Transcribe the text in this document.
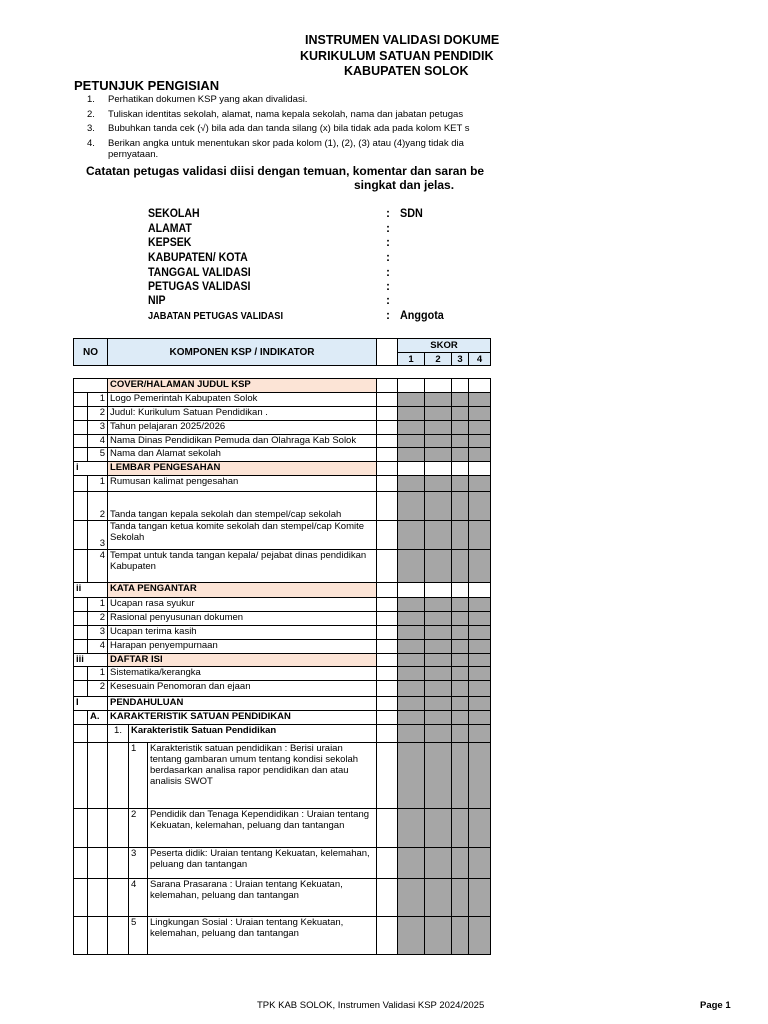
INSTRUMEN VALIDASI DOKUME
KURIKULUM SATUAN PENDIDIK
KABUPATEN SOLOK
PETUNJUK PENGISIAN
1. Perhatikan dokumen KSP yang akan divalidasi.
2. Tuliskan identitas sekolah, alamat, nama kepala sekolah, nama dan jabatan petugas
3. Bubuhkan tanda cek (√) bila ada dan tanda silang (x) bila tidak ada pada kolom KET s
4. Berikan angka untuk menentukan skor pada kolom (1), (2), (3) atau (4)yang tidak dia
pernyataan.
Catatan petugas validasi diisi dengan temuan, komentar dan saran be
singkat dan jelas.
SEKOLAH	: SDN
ALAMAT	:
KEPSEK	:
KABUPATEN/ KOTA	:
TANGGAL VALIDASI	:
PETUGAS VALIDASI	:
NIP	:
JABATAN PETUGAS VALIDASI	: Anggota
NO		KOMPONEN KSP / INDIKATOR				SKOR			
						1	2	3	4

		COVER/HALAMAN JUDUL KSP							
	1	Logo Pemerintah Kabupaten Solok							
	2	Judul: Kurikulum Satuan Pendidikan .							
	3	Tahun pelajaran 2025/2026							
	4	Nama Dinas Pendidikan Pemuda dan Olahraga Kab Solok							
	5	Nama dan Alamat sekolah							
i		LEMBAR PENGESAHAN							
	1	Rumusan kalimat pengesahan							
	2	Tanda tangan kepala sekolah dan stempel/cap sekolah							
	3	Tanda tangan ketua komite sekolah dan stempel/cap Komite Sekolah							
	4	Tempat untuk tanda tangan kepala/ pejabat dinas pendidikan Kabupaten							
ii		KATA PENGANTAR							
	1	Ucapan rasa syukur							
	2	Rasional penyusunan dokumen							
	3	Ucapan terima kasih							
	4	Harapan penyempurnaan							
iii		DAFTAR ISI							
	1	Sistematika/kerangka							
	2	Kesesuain Penomoran dan ejaan							
I		PENDAHULUAN							
	A.	KARAKTERISTIK SATUAN PENDIDIKAN							
		1.	Karakteristik Satuan Pendidikan						
			1	Karakteristik satuan pendidikan : Berisi uraian tentang gambaran umum tentang kondisi sekolah berdasarkan analisa rapor pendidikan dan atau analisis SWOT					
			2	Pendidik dan Tenaga Kependidikan : Uraian tentang Kekuatan, kelemahan, peluang dan tantangan					
			3	Peserta didik: Uraian tentang Kekuatan, kelemahan, peluang dan tantangan					
			4	Sarana Prasarana : Uraian tentang Kekuatan, kelemahan, peluang dan tantangan					
			5	Lingkungan Sosial : Uraian tentang Kekuatan, kelemahan, peluang dan tantangan					
TPK KAB SOLOK, Instrumen Validasi KSP 2024/2025	Page 1
